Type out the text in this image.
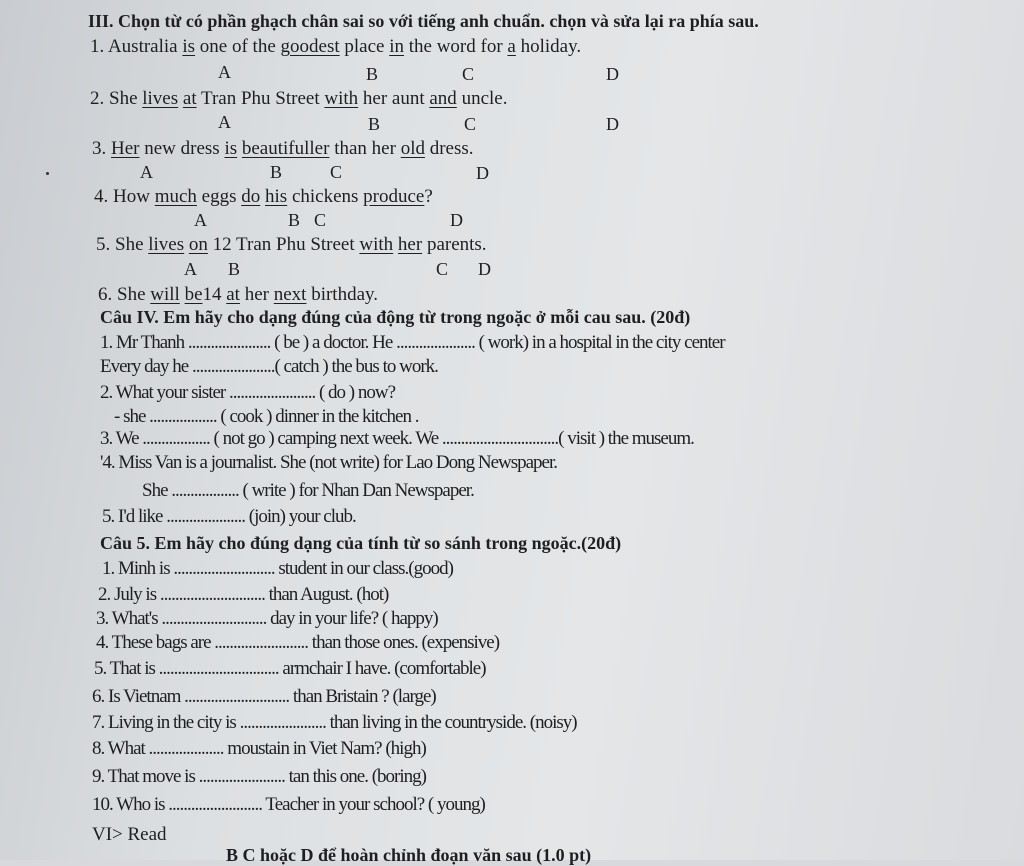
III. Chọn từ có phần ghạch chân sai so với tiếng anh chuẩn. chọn và sửa lại ra phía sau.
1. Australia is one of the goodest place in the word for a holiday.
A	B	C	D
2. She lives at Tran Phu Street with her aunt and uncle.
A	B	C	D
3. Her new dress is beautifuller than her old dress.
A	B	C	D
4. How much eggs do his chickens produce?
A	B C	D
5. She lives on 12 Tran Phu Street with her parents.
A B	C D
6. She will be14 at her next birthday.
Câu IV. Em hãy cho dạng đúng của động từ trong ngoặc ở mỗi cau sau. (20đ)
1. Mr Thanh ...................... ( be ) a doctor. He ..................... ( work) in a hospital in the city center
Every day he ......................( catch ) the bus to work.
2. What your sister ....................... ( do ) now?
- she .................. ( cook ) dinner in the kitchen .
3. We .................. ( not go ) camping next week. We ...............................( visit ) the museum.
'4. Miss Van is a journalist. She (not write) for Lao Dong Newspaper.
She .................. ( write ) for Nhan Dan Newspaper.
5. I'd like ..................... (join) your club.
Câu 5. Em hãy cho đúng dạng của tính từ so sánh trong ngoặc.(20đ)
1. Minh is ........................... student in our class.(good)
2. July is ............................ than August. (hot)
3. What's ............................ day in your life? ( happy)
4. These bags are ......................... than those ones. (expensive)
5. That is ................................ armchair I have. (comfortable)
6. Is Vietnam ............................ than Bristain ? (large)
7. Living in the city is ....................... than living in the countryside. (noisy)
8. What .................... moustain in Viet Nam? (high)
9. That move is ....................... tan this one. (boring)
10. Who is ......................... Teacher in your school? ( young)
VI> Read
B C hoặc D để hoàn chỉnh đoạn văn sau (1.0 pt)
